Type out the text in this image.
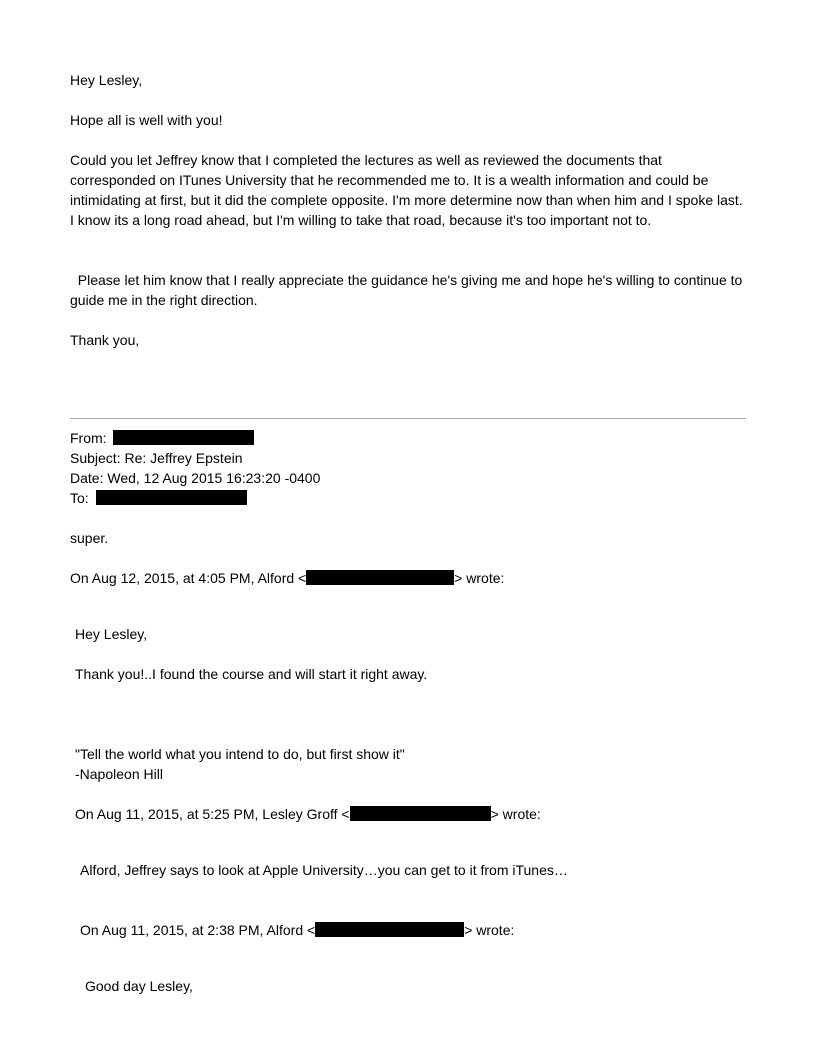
Hey Lesley,
Hope all is well with you!
Could you let Jeffrey know that I completed the lectures as well as reviewed the documents that corresponded on ITunes University that he recommended me to. It is a wealth information and could be intimidating at first, but it did the complete opposite. I'm more determine now than when him and I spoke last. I know its a long road ahead, but I'm willing to take that road, because it's too important not to.
Please let him know that I really appreciate the guidance he's giving me and hope he's willing to continue to guide me in the right direction.
Thank you,
From:
Subject: Re: Jeffrey Epstein
Date: Wed, 12 Aug 2015 16:23:20 -0400
To:
super.
On Aug 12, 2015, at 4:05 PM, Alford <	> wrote:
Hey Lesley,
Thank you!..I found the course and will start it right away.
"Tell the world what you intend to do, but first show it"
-Napoleon Hill
On Aug 11, 2015, at 5:25 PM, Lesley Groff <	> wrote:
Alford, Jeffrey says to look at Apple University…you can get to it from iTunes…
On Aug 11, 2015, at 2:38 PM, Alford <	> wrote:
Good day Lesley,
